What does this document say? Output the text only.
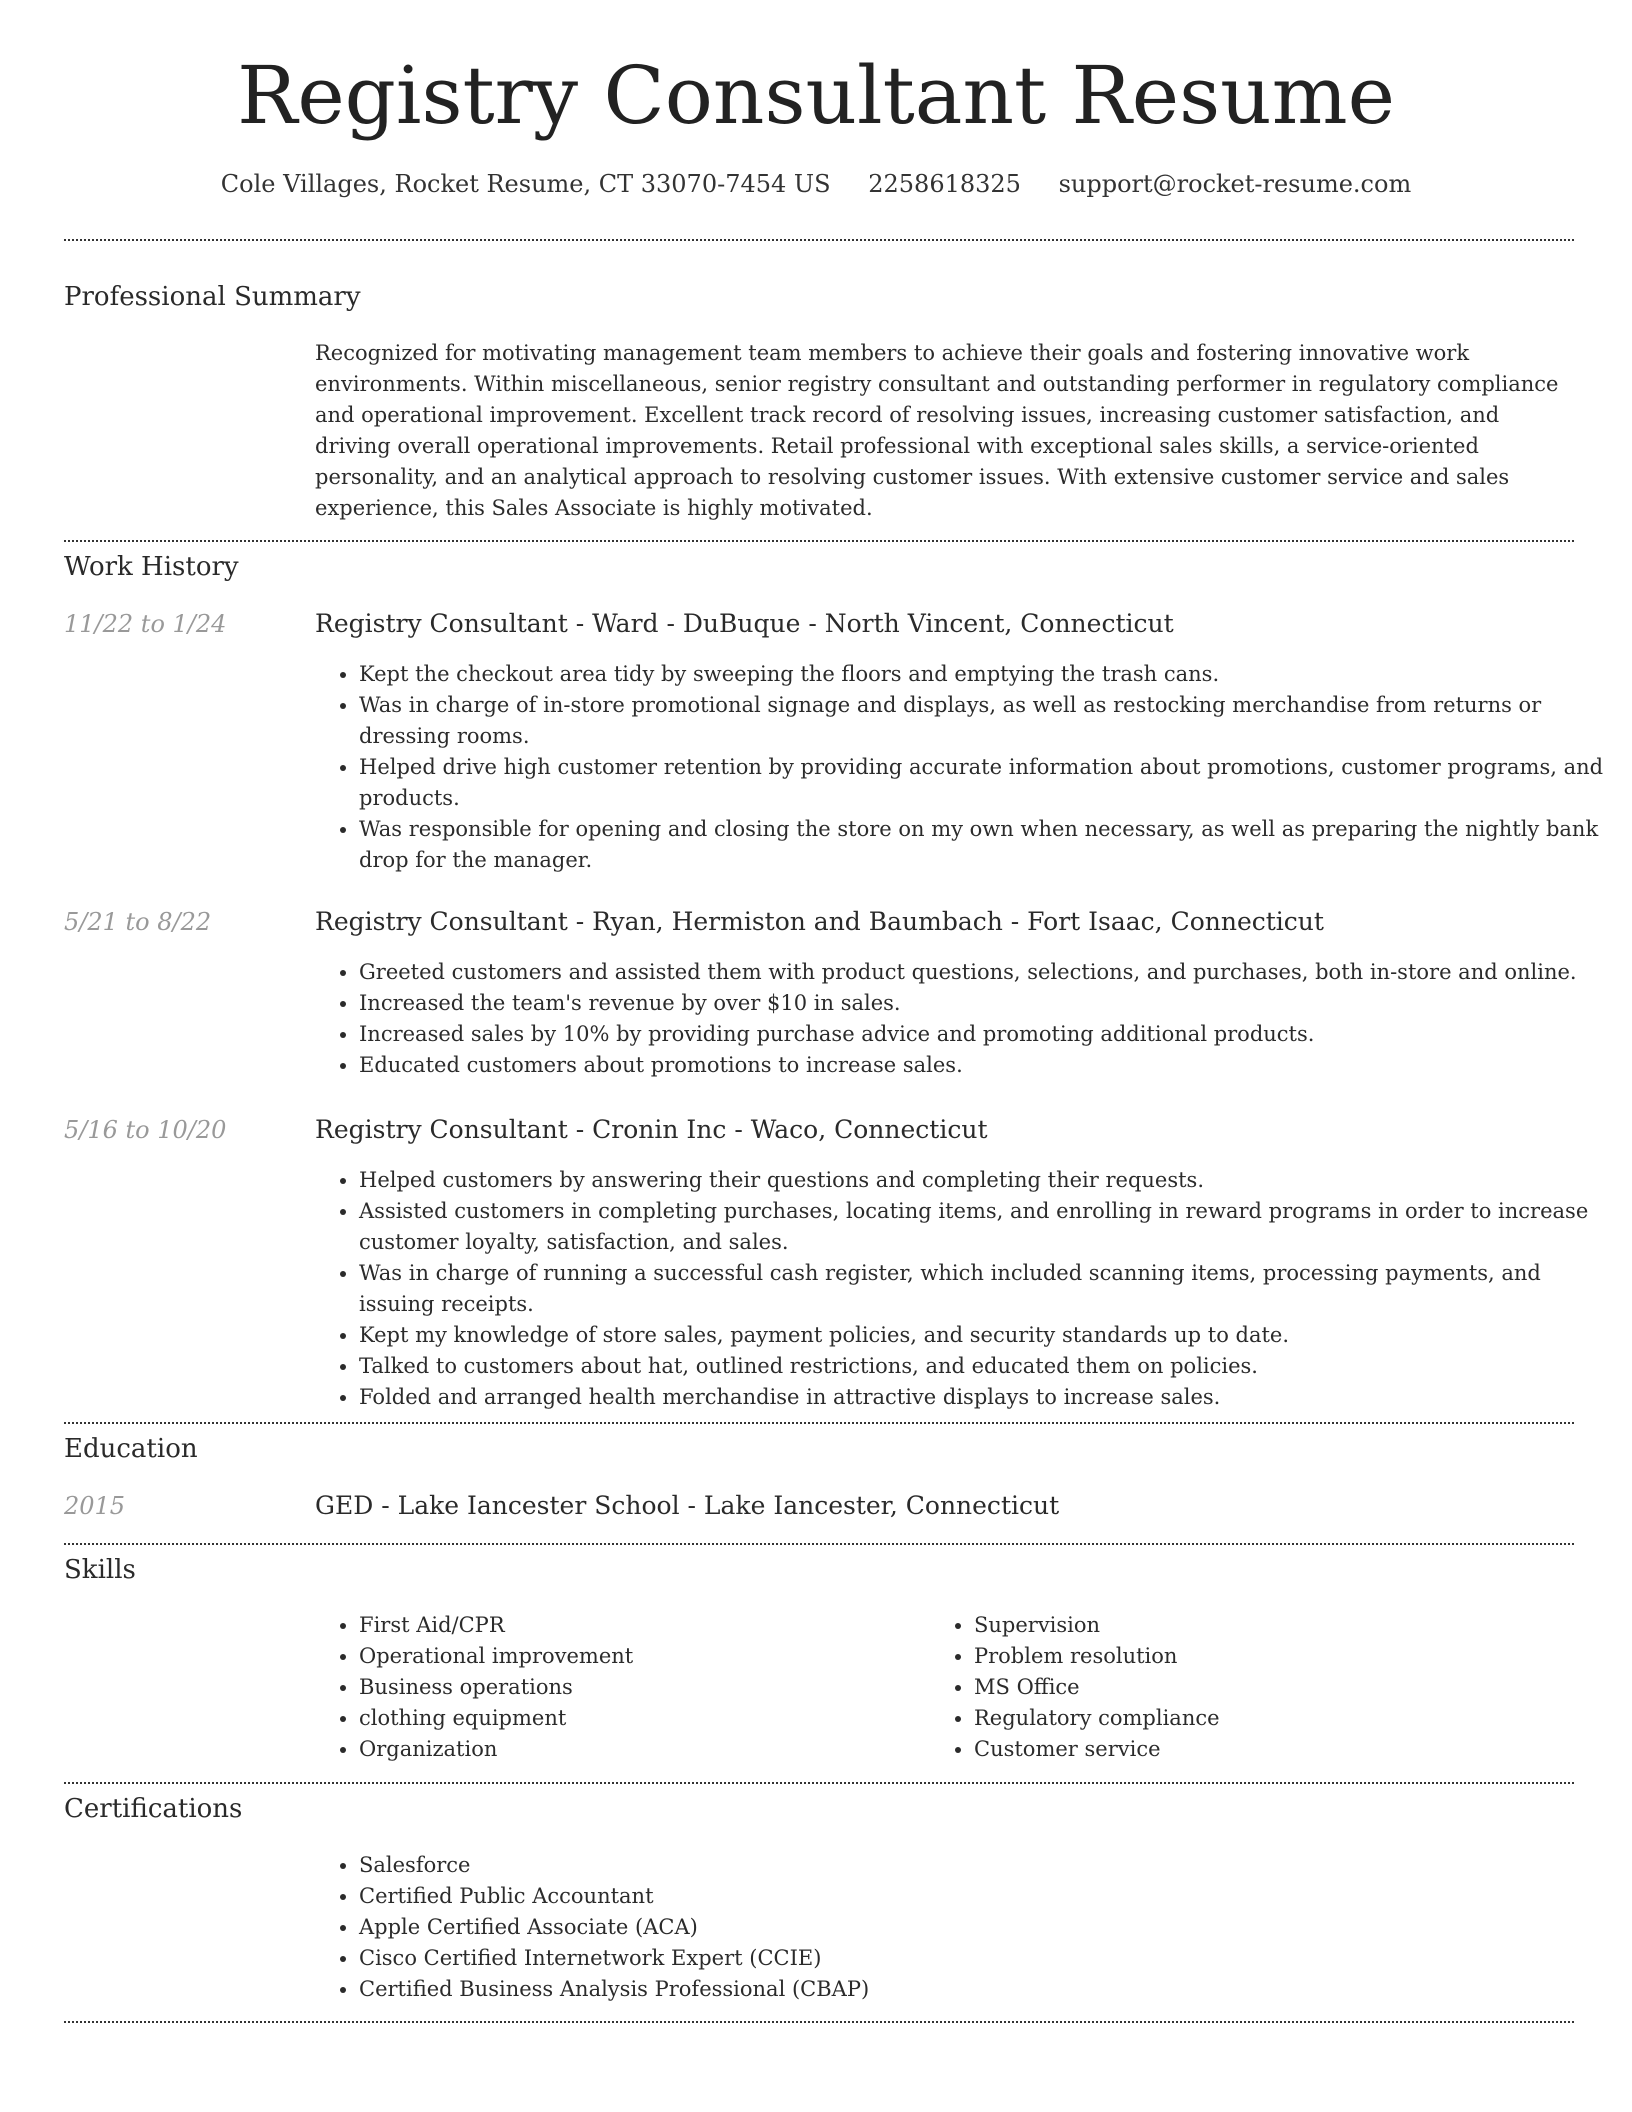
Registry Consultant Resume
Cole Villages, Rocket Resume, CT 33070-7454 US 2258618325 support@rocket-resume.com
Professional Summary

Recognized for motivating management team members to achieve their goals and fostering innovative work environments. Within miscellaneous, senior registry consultant and outstanding performer in regulatory compliance and operational improvement. Excellent track record of resolving issues, increasing customer satisfaction, and driving overall operational improvements. Retail professional with exceptional sales skills, a service-oriented personality, and an analytical approach to resolving customer issues. With extensive customer service and sales experience, this Sales Associate is highly motivated.

Work History
11/22 to 1/24	Registry Consultant - Ward - DuBuque - North Vincent, Connecticut
• Kept the checkout area tidy by sweeping the floors and emptying the trash cans.
• Was in charge of in-store promotional signage and displays, as well as restocking merchandise from returns or dressing rooms.
• Helped drive high customer retention by providing accurate information about promotions, customer programs, and products.
• Was responsible for opening and closing the store on my own when necessary, as well as preparing the nightly bank drop for the manager.
5/21 to 8/22	Registry Consultant - Ryan, Hermiston and Baumbach - Fort Isaac, Connecticut
• Greeted customers and assisted them with product questions, selections, and purchases, both in-store and online.
• Increased the team's revenue by over $10 in sales.
• Increased sales by 10% by providing purchase advice and promoting additional products.
• Educated customers about promotions to increase sales.
5/16 to 10/20	Registry Consultant - Cronin Inc - Waco, Connecticut
• Helped customers by answering their questions and completing their requests.
• Assisted customers in completing purchases, locating items, and enrolling in reward programs in order to increase customer loyalty, satisfaction, and sales.
• Was in charge of running a successful cash register, which included scanning items, processing payments, and issuing receipts.
• Kept my knowledge of store sales, payment policies, and security standards up to date.
• Talked to customers about hat, outlined restrictions, and educated them on policies.
• Folded and arranged health merchandise in attractive displays to increase sales.
Education
2015	GED - Lake Iancester School - Lake Iancester, Connecticut
Skills
• First Aid/CPR
• Operational improvement
• Business operations
• clothing equipment
• Organization
• Supervision
• Problem resolution
• MS Office
• Regulatory compliance
• Customer service
Certifications
• Salesforce
• Certified Public Accountant
• Apple Certified Associate (ACA)
• Cisco Certified Internetwork Expert (CCIE)
• Certified Business Analysis Professional (CBAP)
